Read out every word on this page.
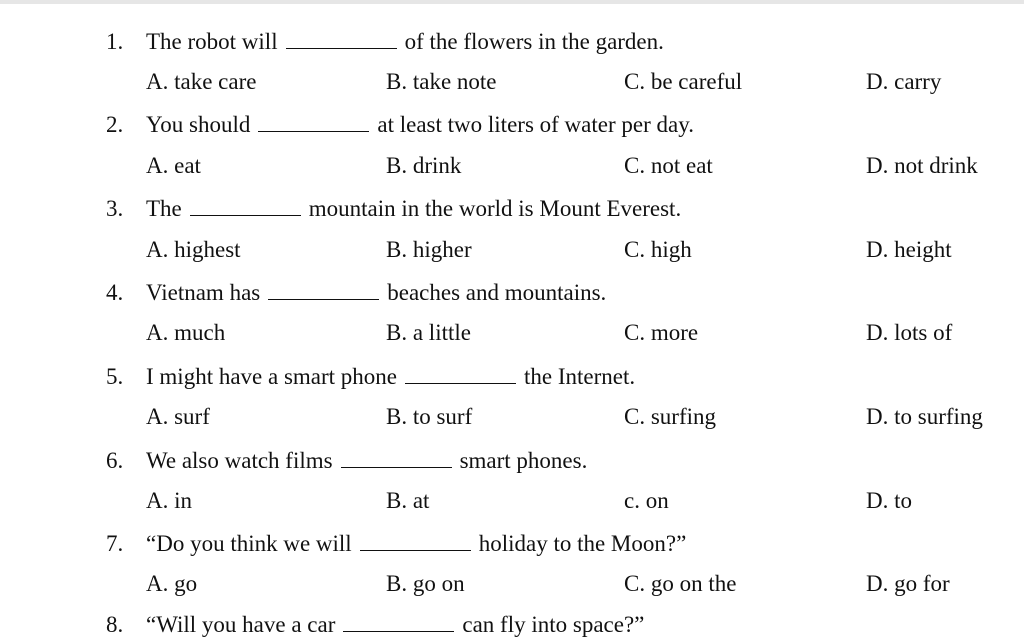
1. The robot will	of the flowers in the garden.
A. take care	B. take note	C. be careful	D. carry
2. You should	at least two liters of water per day.
A. eat	B. drink	C. not eat	D. not drink
3. The	mountain in the world is Mount Everest.
A. highest	B. higher	C. high	D. height
4. Vietnam has	beaches and mountains.
A. much	B. a little	C. more	D. lots of
5. I might have a smart phone	the Internet.
A. surf	B. to surf	C. surfing	D. to surfing
6. We also watch films	smart phones.
A. in	B. at	c. on	D. to
7. “Do you think we will	holiday to the Moon?”
A. go	B. go on	C. go on the	D. go for
8. “Will you have a car	can fly into space?”
